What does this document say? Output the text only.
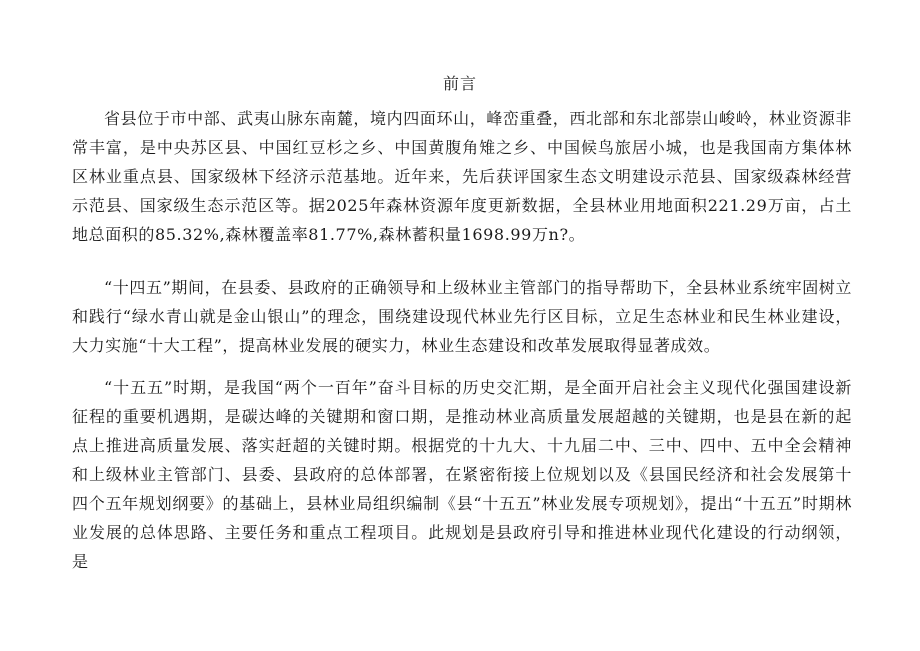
前言

省县位于市中部、武夷山脉东南麓，境内四面环山，峰峦重叠，西北部和东北部崇山峻岭，林业资源非常丰富，是中央苏区县、中国红豆杉之乡、中国黄腹角雉之乡、中国候鸟旅居小城，也是我国南方集体林区林业重点县、国家级林下经济示范基地。近年来，先后获评国家生态文明建设示范县、国家级森林经营示范县、国家级生态示范区等。据2025年森林资源年度更新数据，全县林业用地面积221.29万亩，占土地总面积的85.32%,森林覆盖率81.77%,森林蓄积量1698.99万n?。

“十四五”期间，在县委、县政府的正确领导和上级林业主管部门的指导帮助下，全县林业系统牢固树立和践行“绿水青山就是金山银山”的理念，围绕建设现代林业先行区目标，立足生态林业和民生林业建设，大力实施“十大工程”，提高林业发展的硬实力，林业生态建设和改革发展取得显著成效。

“十五五”时期，是我国“两个一百年”奋斗目标的历史交汇期，是全面开启社会主义现代化强国建设新征程的重要机遇期，是碳达峰的关键期和窗口期，是推动林业高质量发展超越的关键期，也是县在新的起点上推进高质量发展、落实赶超的关键时期。根据党的十九大、十九届二中、三中、四中、五中全会精神和上级林业主管部门、县委、县政府的总体部署，在紧密衔接上位规划以及《县国民经济和社会发展第十四个五年规划纲要》的基础上，县林业局组织编制《县“十五五”林业发展专项规划》，提出“十五五”时期林业发展的总体思路、主要任务和重点工程项目。此规划是县政府引导和推进林业现代化建设的行动纲领，是
